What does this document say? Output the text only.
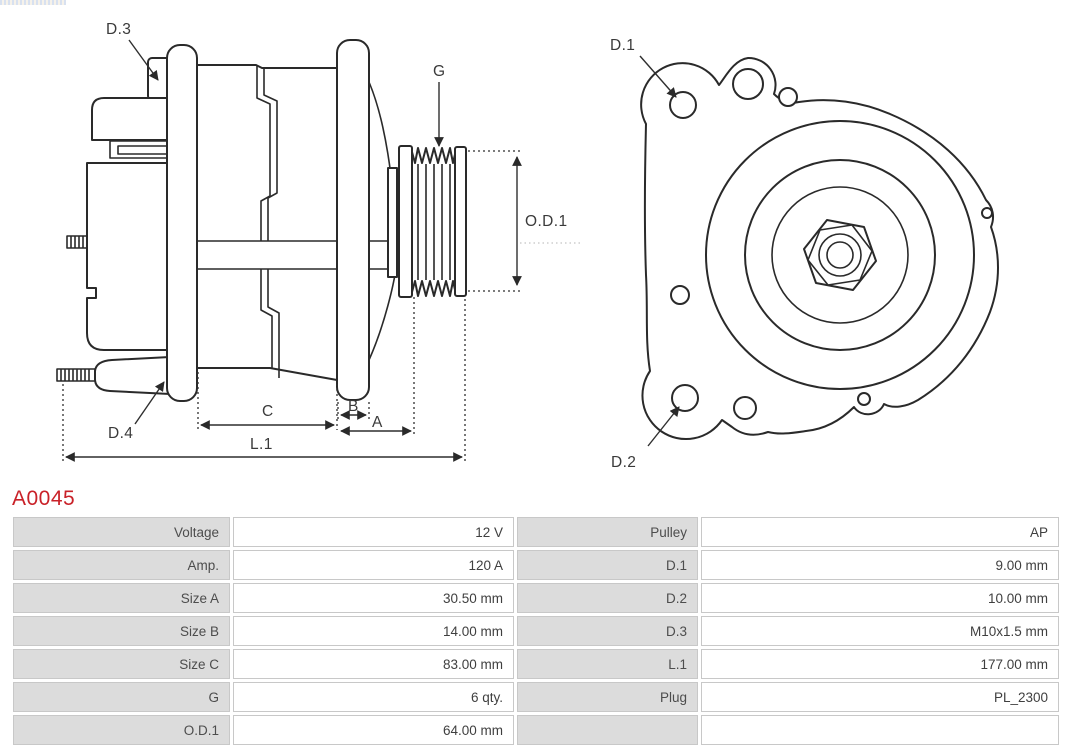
G
D.3
D.4
O.D.1
C	B
A
L.1
D.1
D.2
A0045
Voltage	12 V	Pulley	AP
Amp.	120 A	D.1	9.00 mm
Size A	30.50 mm	D.2	10.00 mm
Size B	14.00 mm	D.3	M10x1.5 mm
Size C	83.00 mm	L.1	177.00 mm
G	6 qty.	Plug	PL_2300
O.D.1	64.00 mm		
